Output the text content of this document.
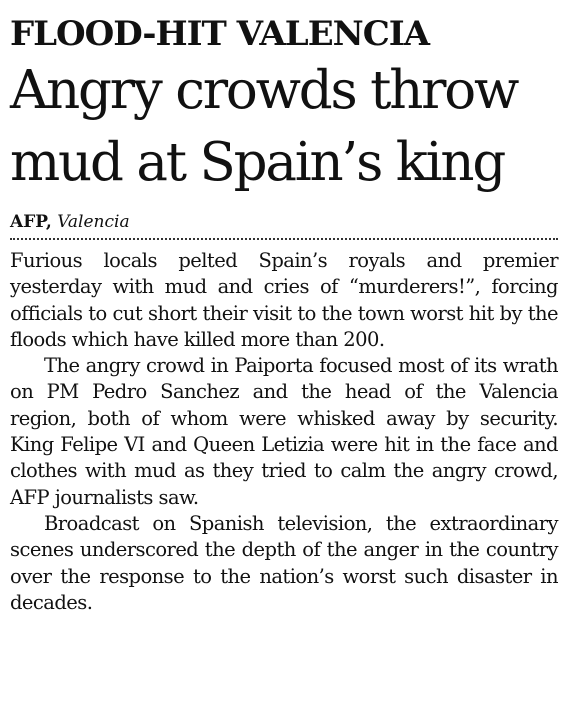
FLOOD-HIT VALENCIA
Angry crowds throw
mud at Spain’s king
AFP, Valencia

Furious locals pelted Spain’s royals and premier yesterday with mud and cries of “murderers!”, forcing officials to cut short their visit to the town worst hit by the floods which have killed more than 200.

The angry crowd in Paiporta focused most of its wrath on PM Pedro Sanchez and the head of the Valencia region, both of whom were whisked away by security. King Felipe VI and Queen Letizia were hit in the face and clothes with mud as they tried to calm the angry crowd, AFP journalists saw.

Broadcast on Spanish television, the extraordinary scenes underscored the depth of the anger in the country over the response to the nation’s worst such disaster in decades.
